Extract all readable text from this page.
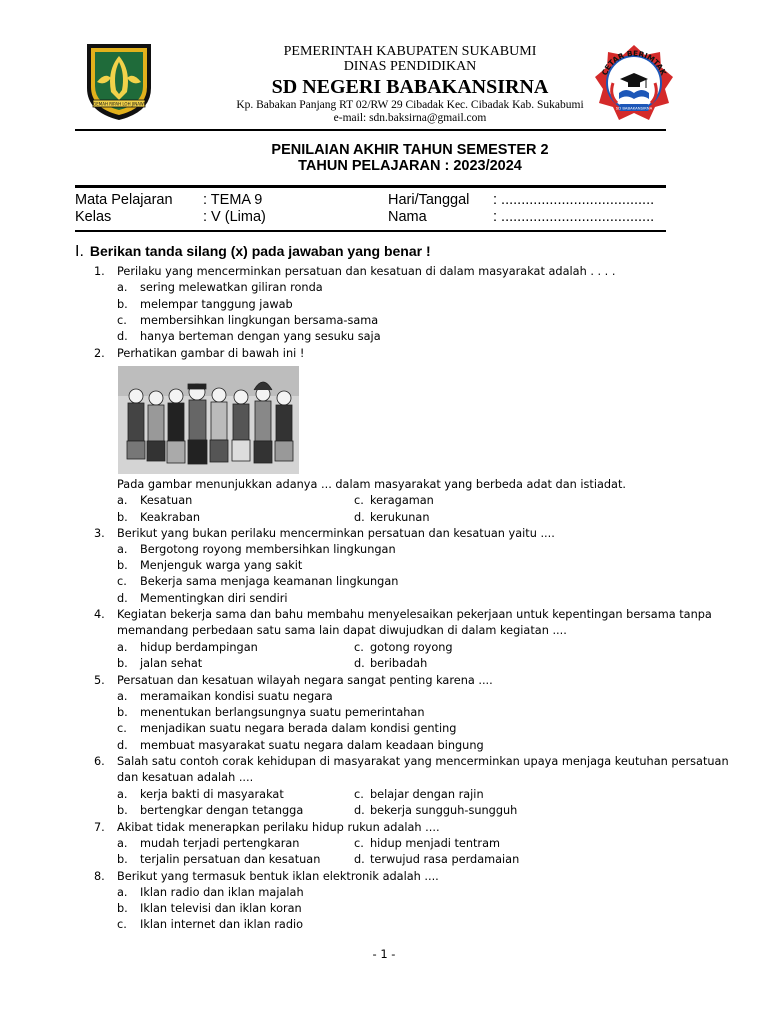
GEMAH RIPAH LOH JINAWI
PEMERINTAH KABUPATEN SUKABUMI
DINAS PENDIDIKAN
SD NEGERI BABAKANSIRNA
Kp. Babakan Panjang RT 02/RW 29 Cibadak Kec. Cibadak Kab. Sukabumi
e-mail: sdn.baksirna@gmail.com
CETAR BERIMTAK
SD BABAKANSIRNA
PENILAIAN AKHIR TAHUN SEMESTER 2
TAHUN PELAJARAN : 2023/2024
Mata Pelajaran : TEMA 9	Hari/Tanggal : ......................................
Kelas	: V (Lima)	Nama	: ......................................
I. Berikan tanda silang (x) pada jawaban yang benar !
1. Perilaku yang mencerminkan persatuan dan kesatuan di dalam masyarakat adalah . . . .
a. sering melewatkan giliran ronda
b. melempar tanggung jawab
c. membersihkan lingkungan bersama-sama
d. hanya berteman dengan yang sesuku saja
2. Perhatikan gambar di bawah ini !
Pada gambar menunjukkan adanya ... dalam masyarakat yang berbeda adat dan istiadat.
a. Kesatuan	c. keragaman
b. Keakraban	d. kerukunan
3. Berikut yang bukan perilaku mencerminkan persatuan dan kesatuan yaitu ....
a. Bergotong royong membersihkan lingkungan
b. Menjenguk warga yang sakit
c. Bekerja sama menjaga keamanan lingkungan
d. Mementingkan diri sendiri
4. Kegiatan bekerja sama dan bahu membahu menyelesaikan pekerjaan untuk kepentingan bersama tanpa
memandang perbedaan satu sama lain dapat diwujudkan di dalam kegiatan ....
a. hidup berdampingan	c. gotong royong
b. jalan sehat	d. beribadah
5. Persatuan dan kesatuan wilayah negara sangat penting karena ....
a. meramaikan kondisi suatu negara
b. menentukan berlangsungnya suatu pemerintahan
c. menjadikan suatu negara berada dalam kondisi genting
d. membuat masyarakat suatu negara dalam keadaan bingung
6. Salah satu contoh corak kehidupan di masyarakat yang mencerminkan upaya menjaga keutuhan persatuan
dan kesatuan adalah ....
a. kerja bakti di masyarakat	c. belajar dengan rajin
b. bertengkar dengan tetangga	d. bekerja sungguh-sungguh
7. Akibat tidak menerapkan perilaku hidup rukun adalah ....
a. mudah terjadi pertengkaran	c. hidup menjadi tentram
b. terjalin persatuan dan kesatuan	d. terwujud rasa perdamaian
8. Berikut yang termasuk bentuk iklan elektronik adalah ....
a. Iklan radio dan iklan majalah
b. Iklan televisi dan iklan koran
c. Iklan internet dan iklan radio
- 1 -
